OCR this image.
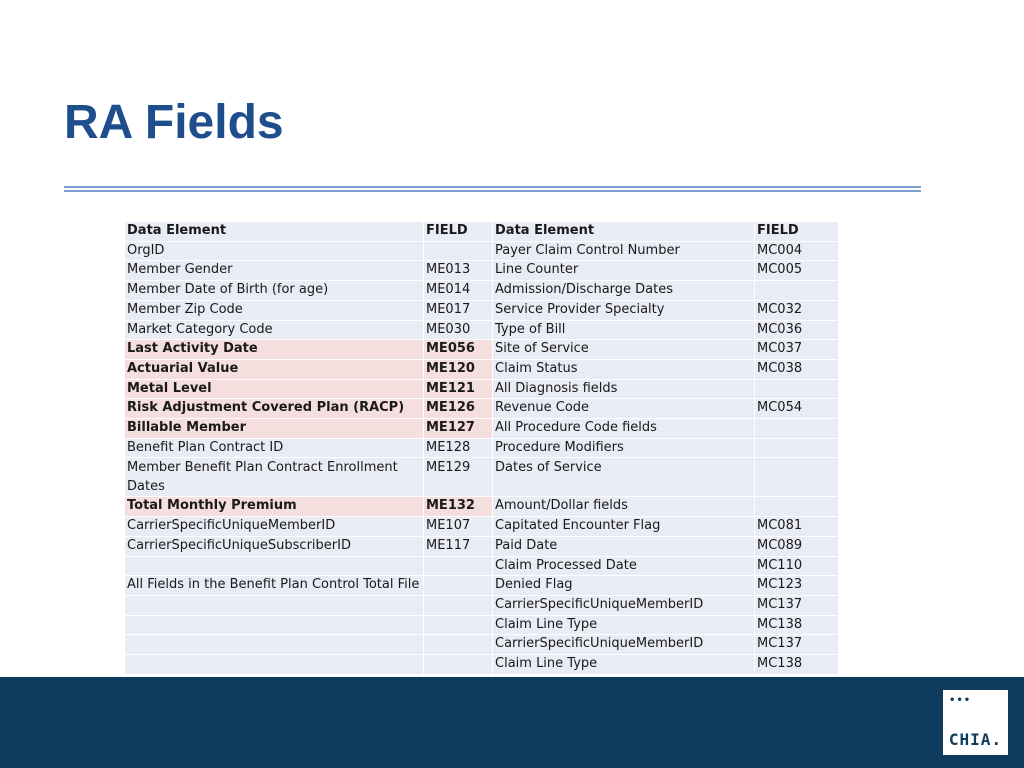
RA Fields
Data Element	FIELD	Data Element	FIELD
OrgID		Payer Claim Control Number	MC004
Member Gender	ME013	Line Counter	MC005
Member Date of Birth (for age)	ME014	Admission/Discharge Dates	
Member Zip Code	ME017	Service Provider Specialty	MC032
Market Category Code	ME030	Type of Bill	MC036
Last Activity Date	ME056	Site of Service	MC037
Actuarial Value	ME120	Claim Status	MC038
Metal Level	ME121	All Diagnosis fields	
Risk Adjustment Covered Plan (RACP)	ME126	Revenue Code	MC054
Billable Member	ME127	All Procedure Code fields	
Benefit Plan Contract ID	ME128	Procedure Modifiers	
Member Benefit Plan Contract Enrollment Dates	ME129	Dates of Service	
Total Monthly Premium	ME132	Amount/Dollar fields	
CarrierSpecificUniqueMemberID	ME107	Capitated Encounter Flag	MC081
CarrierSpecificUniqueSubscriberID	ME117	Paid Date	MC089
		Claim Processed Date	MC110
All Fields in the Benefit Plan Control Total File		Denied Flag	MC123
		CarrierSpecificUniqueMemberID	MC137
		Claim Line Type	MC138
		CarrierSpecificUniqueMemberID	MC137
		Claim Line Type	MC138
•••
CHIA.
